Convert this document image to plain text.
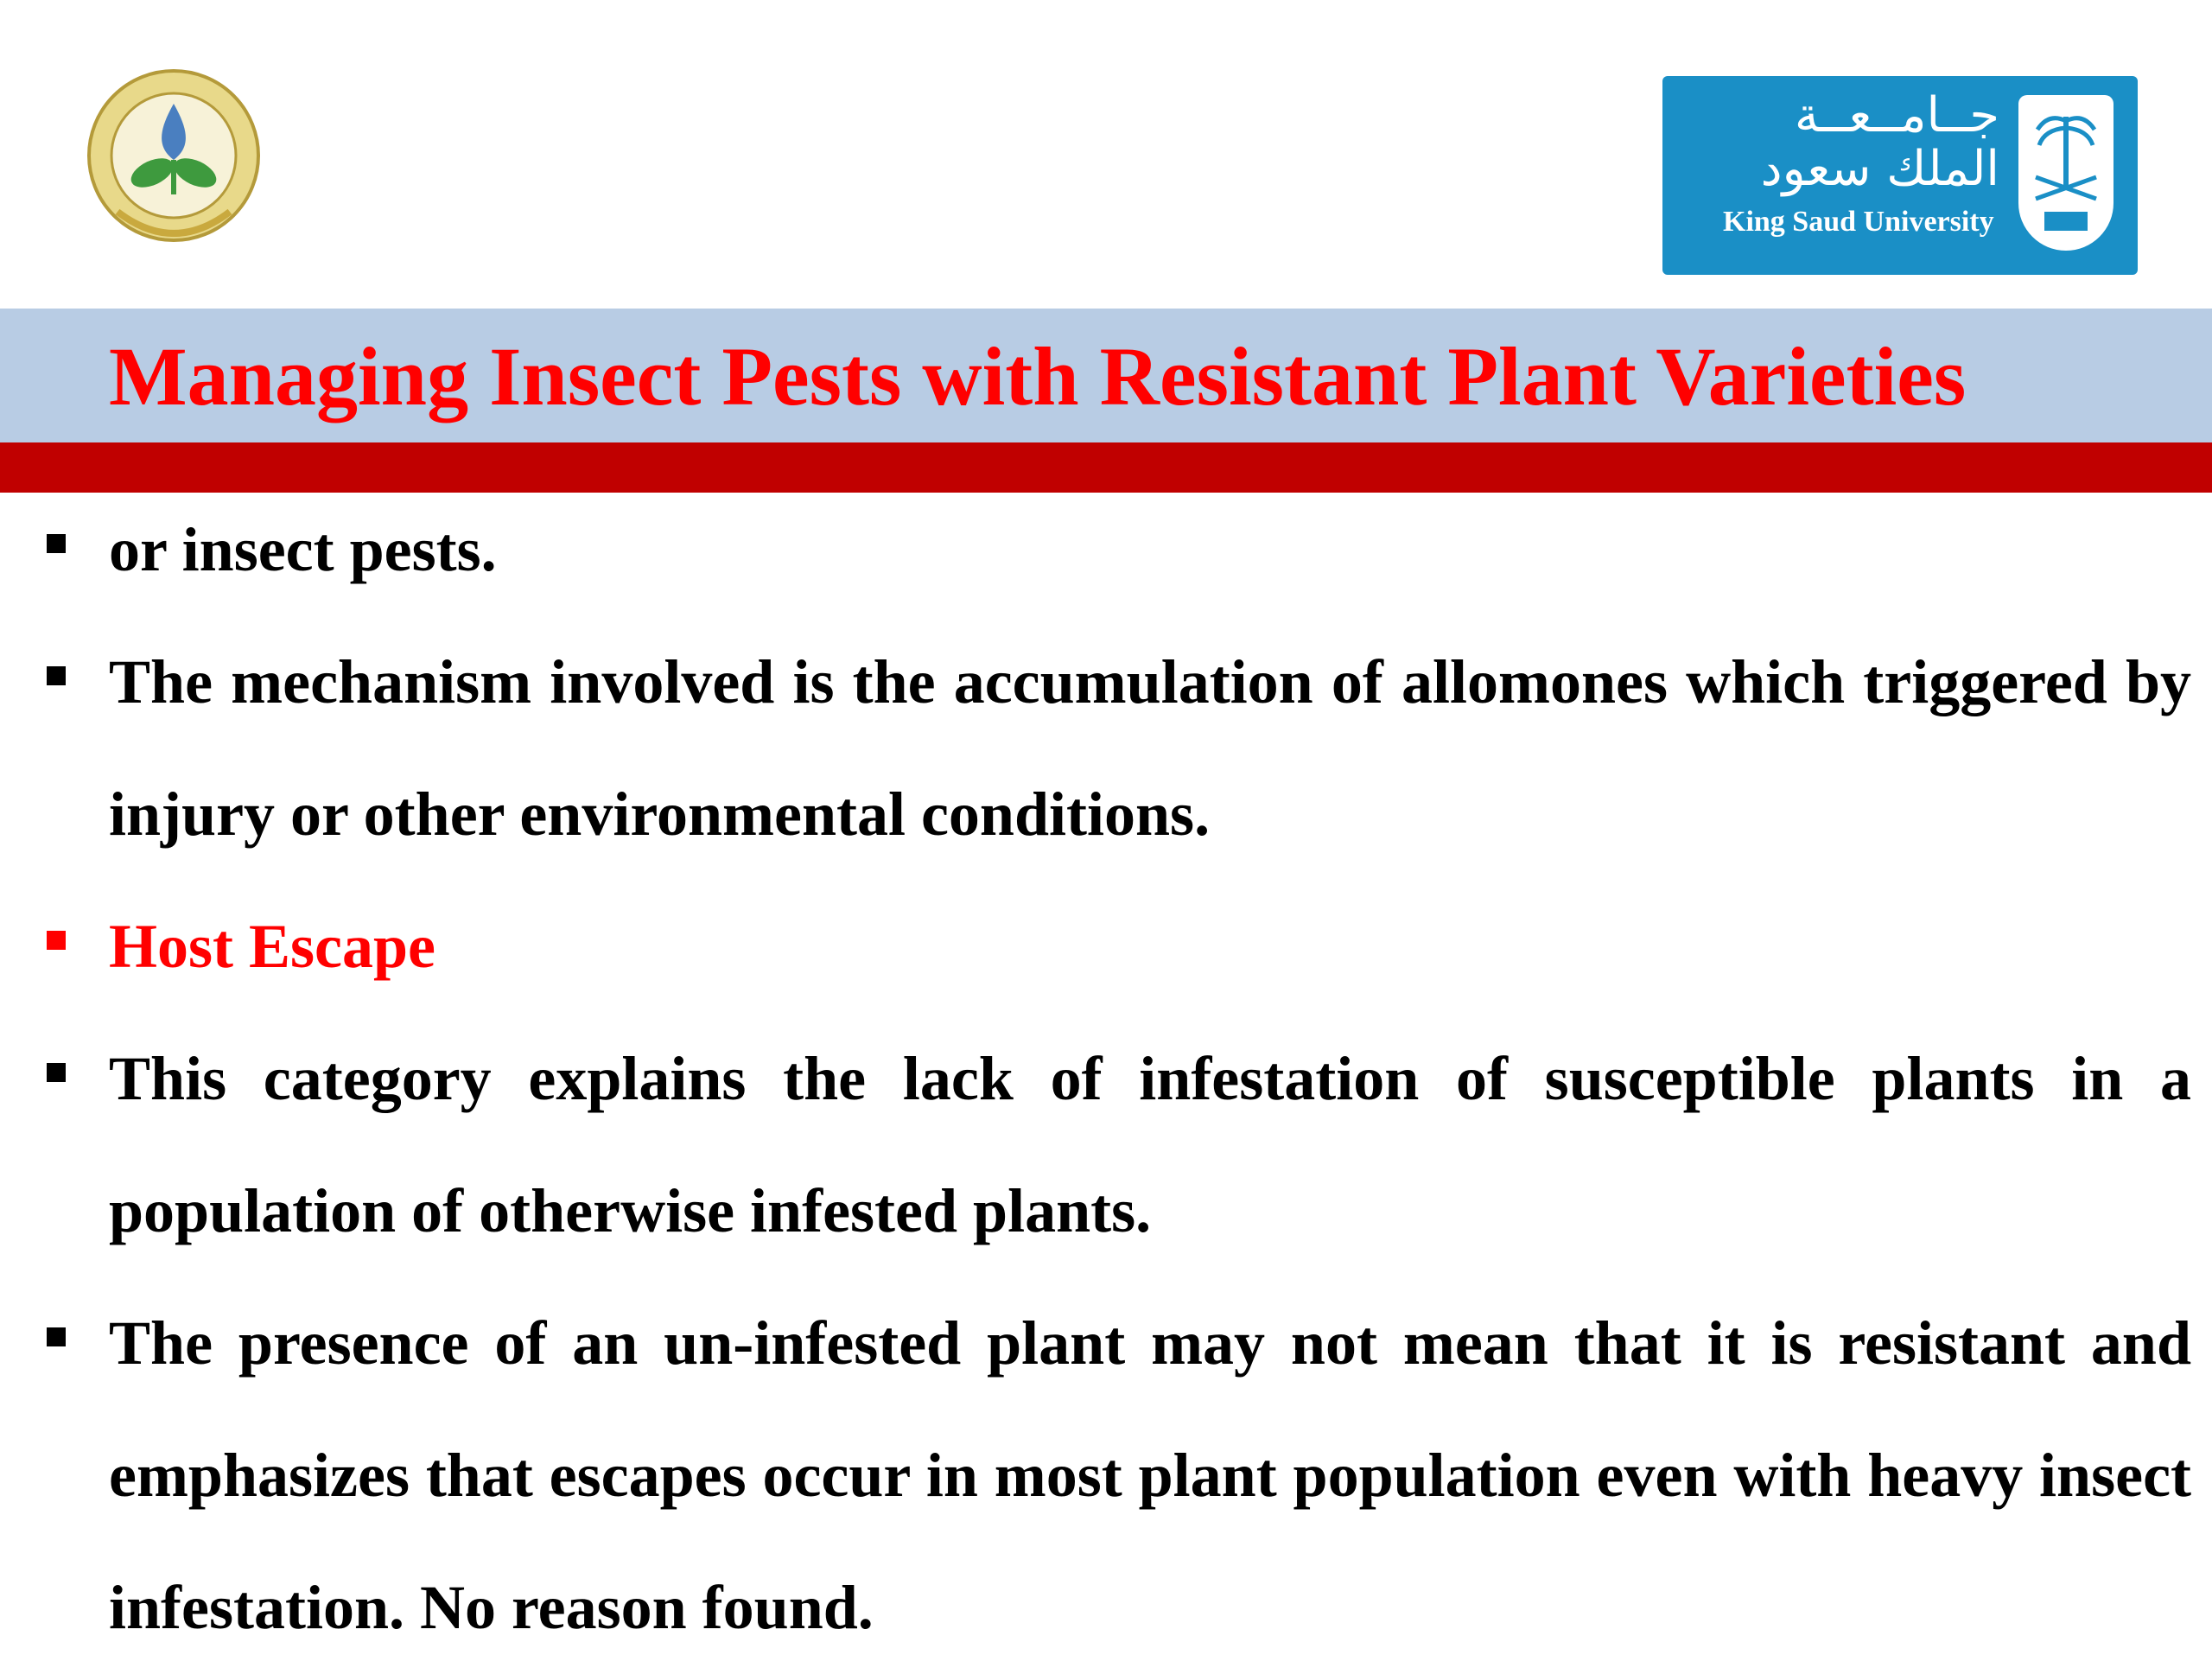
جــامــعــة
الملك سعود
King Saud University
Managing Insect Pests with Resistant Plant Varieties
or insect pests.
The mechanism involved is the accumulation of allomones which triggered by injury or other environmental conditions.
Host Escape
This category explains the lack of infestation of susceptible plants in a population of otherwise infested plants.
The presence of an un-infested plant may not mean that it is resistant and emphasizes that escapes occur in most plant population even with heavy insect infestation. No reason found.
